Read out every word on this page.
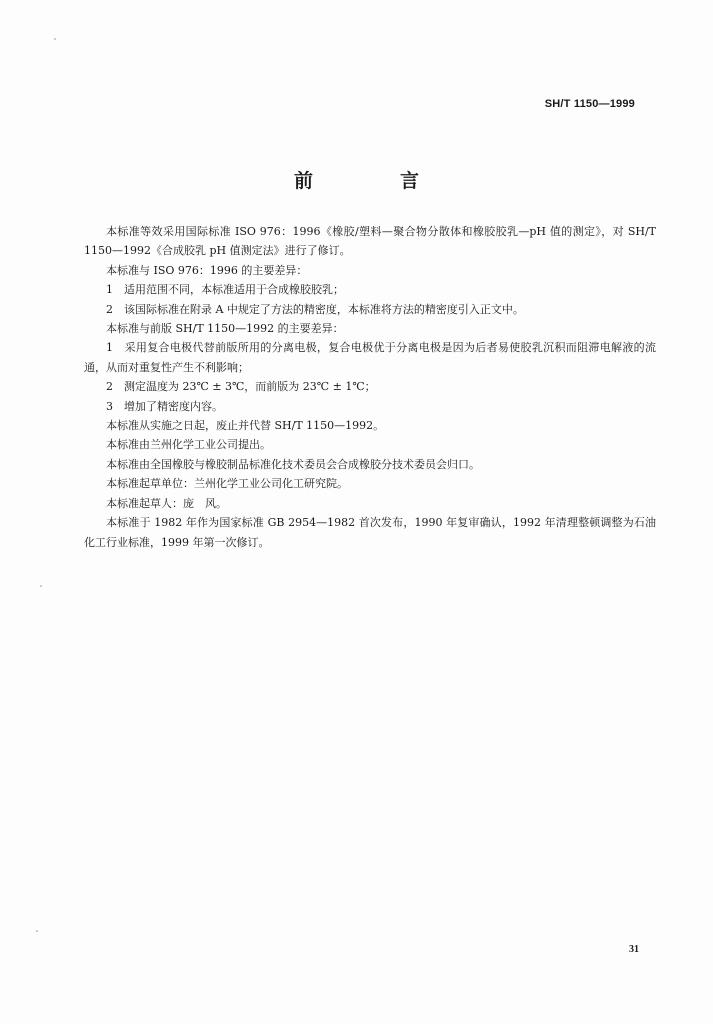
SH/T 1150—1999
前　言

本标准等效采用国际标准 ISO 976：1996《橡胶/塑料—聚合物分散体和橡胶胶乳—pH 值的测定》，对 SH/T 1150—1992《合成胶乳 pH 值测定法》进行了修订。

本标准与 ISO 976：1996 的主要差异：

1　适用范围不同，本标准适用于合成橡胶胶乳；

2　该国际标准在附录 A 中规定了方法的精密度，本标准将方法的精密度引入正文中。

本标准与前版 SH/T 1150—1992 的主要差异：

1　采用复合电极代替前版所用的分离电极，复合电极优于分离电极是因为后者易使胶乳沉积而阻滞电解液的流通，从而对重复性产生不利影响；

2　测定温度为 23℃ ± 3℃，而前版为 23℃ ± 1℃；

3　增加了精密度内容。

本标准从实施之日起，废止并代替 SH/T 1150—1992。

本标准由兰州化学工业公司提出。

本标准由全国橡胶与橡胶制品标准化技术委员会合成橡胶分技术委员会归口。

本标准起草单位：兰州化学工业公司化工研究院。

本标准起草人：庞　风。

本标准于 1982 年作为国家标准 GB 2954—1982 首次发布，1990 年复审确认，1992 年清理整顿调整为石油化工行业标准，1999 年第一次修订。

31
